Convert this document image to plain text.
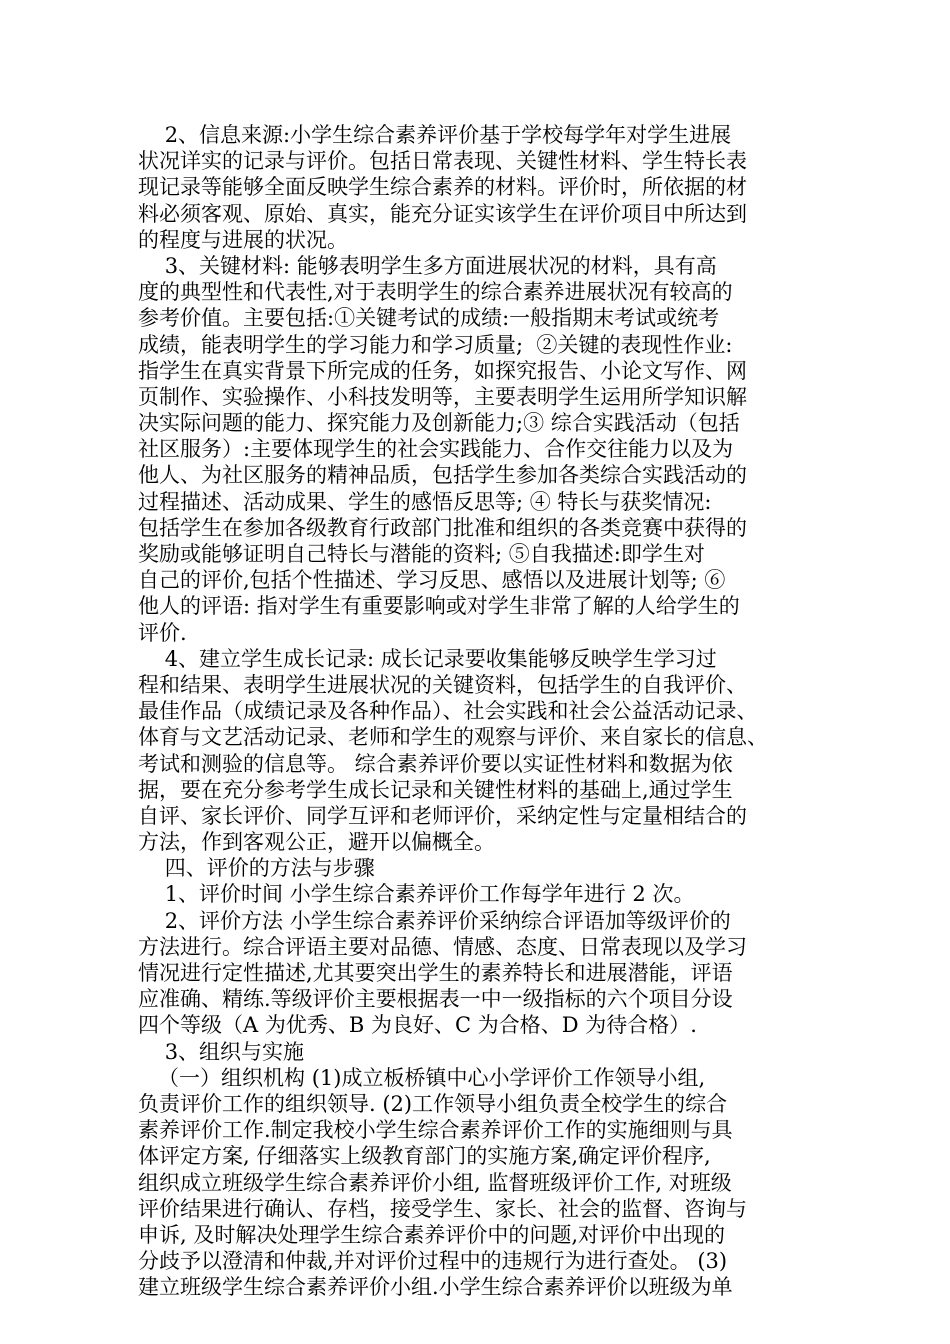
2、信息来源:小学生综合素养评价基于学校每学年对学生进展
状况详实的记录与评价。包括日常表现、关键性材料、学生特长表
现记录等能够全面反映学生综合素养的材料。评价时，所依据的材
料必须客观、原始、真实，能充分证实该学生在评价项目中所达到
的程度与进展的状况。
3、关键材料: 能够表明学生多方面进展状况的材料，具有高
度的典型性和代表性,对于表明学生的综合素养进展状况有较高的
参考价值。主要包括:①关键考试的成绩:一般指期末考试或统考
成绩，能表明学生的学习能力和学习质量;  ②关键的表现性作业:
指学生在真实背景下所完成的任务，如探究报告、小论文写作、网
页制作、实验操作、小科技发明等，主要表明学生运用所学知识解
决实际问题的能力、探究能力及创新能力;③ 综合实践活动（包括
社区服务）:主要体现学生的社会实践能力、合作交往能力以及为
他人、为社区服务的精神品质，包括学生参加各类综合实践活动的
过程描述、活动成果、学生的感悟反思等; ④ 特长与获奖情况:
包括学生在参加各级教育行政部门批准和组织的各类竞赛中获得的
奖励或能够证明自己特长与潜能的资料; ⑤自我描述:即学生对
自己的评价,包括个性描述、学习反思、感悟以及进展计划等; ⑥
他人的评语: 指对学生有重要影响或对学生非常了解的人给学生的
评价.
4、建立学生成长记录: 成长记录要收集能够反映学生学习过
程和结果、表明学生进展状况的关键资料，包括学生的自我评价、
最佳作品（成绩记录及各种作品）、社会实践和社会公益活动记录、
体育与文艺活动记录、老师和学生的观察与评价、来自家长的信息、
考试和测验的信息等。 综合素养评价要以实证性材料和数据为依
据，要在充分参考学生成长记录和关键性材料的基础上,通过学生
自评、家长评价、同学互评和老师评价，采纳定性与定量相结合的
方法，作到客观公正，避开以偏概全。
四、评价的方法与步骤
1、评价时间 小学生综合素养评价工作每学年进行 2 次。
2、评价方法 小学生综合素养评价采纳综合评语加等级评价的
方法进行。综合评语主要对品德、情感、态度、日常表现以及学习
情况进行定性描述,尤其要突出学生的素养特长和进展潜能，评语
应准确、精练.等级评价主要根据表一中一级指标的六个项目分设
四个等级（A 为优秀、B 为良好、C 为合格、D 为待合格）.
3、组织与实施
（一）组织机构 (1)成立板桥镇中心小学评价工作领导小组,
负责评价工作的组织领导. (2)工作领导小组负责全校学生的综合
素养评价工作.制定我校小学生综合素养评价工作的实施细则与具
体评定方案, 仔细落实上级教育部门的实施方案,确定评价程序,
组织成立班级学生综合素养评价小组, 监督班级评价工作, 对班级
评价结果进行确认、存档，接受学生、家长、社会的监督、咨询与
申诉, 及时解决处理学生综合素养评价中的问题,对评价中出现的
分歧予以澄清和仲裁,并对评价过程中的违规行为进行查处。 (3)
建立班级学生综合素养评价小组.小学生综合素养评价以班级为单
